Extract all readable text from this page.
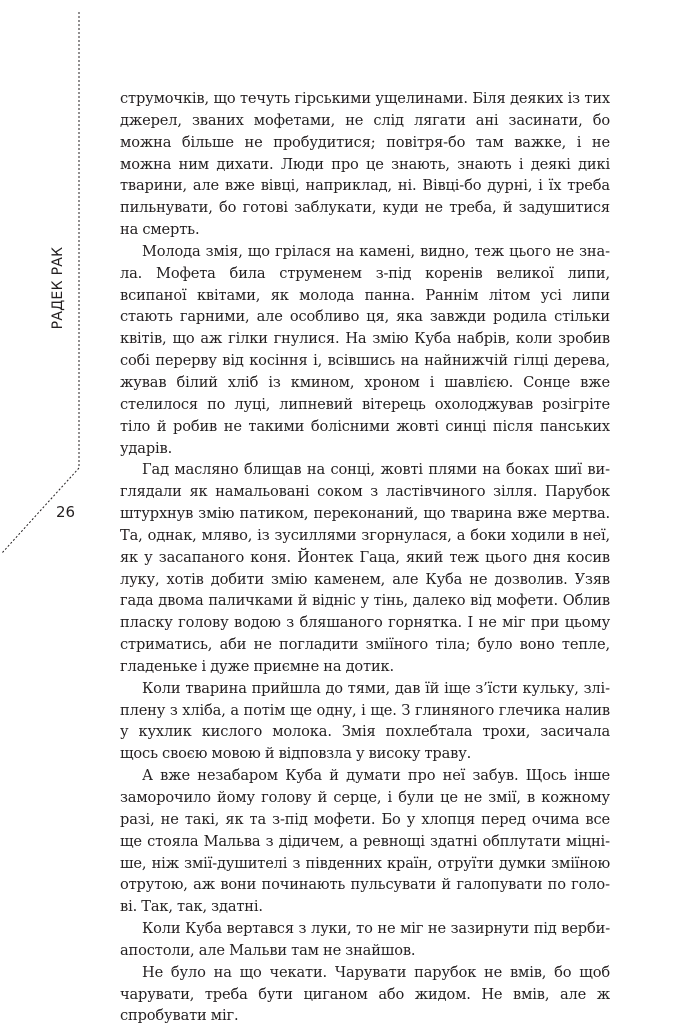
РАДЕК РАК
26

струмочків, що течуть гірськими ущелинами. Біля деяких із тих джерел, званих мофетами, не слід лягати ані засинати, бо можна більше не пробудитися; повітря-бо там важке, і не можна ним дихати. Люди про це знають, знають і деякі дикі тварини, але вже вівці, наприклад, ні. Вівці-бо дурні, і їх треба пильнувати, бо готові заблукати, куди не треба, й задушитися на смерть.

Молода змія, що грілася на камені, видно, теж цього не знала. Мофета била струменем з-під коренів великої липи, всипаної квітами, як молода панна. Раннім літом усі липи стають гарними, але особливо ця, яка завжди родила стільки квітів, що аж гілки гнулися. На змію Куба набрів, коли зробив собі перерву від косіння і, всівшись на найнижчій гілці дерева, жував білий хліб із кмином, хроном і шавлією. Сонце вже стелилося по луці, липневий вітерець охолоджував розігріте тіло й робив не такими болісними жовті синці після панських ударів.

Гад масляно блищав на сонці, жовті плями на боках шиї виглядали як намальовані соком з ластівчиного зілля. Парубок штурхнув змію патиком, переконаний, що тварина вже мертва. Та, однак, мляво, із зусиллями згорнулася, а боки ходили в неї, як у засапаного коня. Йонтек Гаца, який теж цього дня косив луку, хотів добити змію каменем, але Куба не дозволив. Узяв гада двома паличками й відніс у тінь, далеко від мофети. Облив пласку голову водою з бляшаного горнятка. І не міг при цьому стриматись, аби не погладити зміїного тіла; було воно тепле, гладеньке і дуже приємне на дотик.

Коли тварина прийшла до тями, дав їй іще з’їсти кульку, зліплену з хліба, а потім ще одну, і ще. З глиняного глечика налив у кухлик кислого молока. Змія похлебтала трохи, засичала щось своєю мовою й відповзла у високу траву.

А вже незабаром Куба й думати про неї забув. Щось інше заморочило йому голову й серце, і були це не змії, в кожному разі, не такі, як та з-під мофети. Бо у хлопця перед очима все ще стояла Мальва з дідичем, а ревнощі здатні обплутати міцніше, ніж змії-душителі з південних країн, отруїти думки зміїною отрутою, аж вони починають пульсувати й галопувати по голові. Так, так, здатні.

Коли Куба вертався з луки, то не міг не зазирнути під верби-апостоли, але Мальви там не знайшов.

Не було на що чекати. Чарувати парубок не вмів, бо щоб чарувати, треба бути циганом або жидом. Не вмів, але ж спробувати міг.
